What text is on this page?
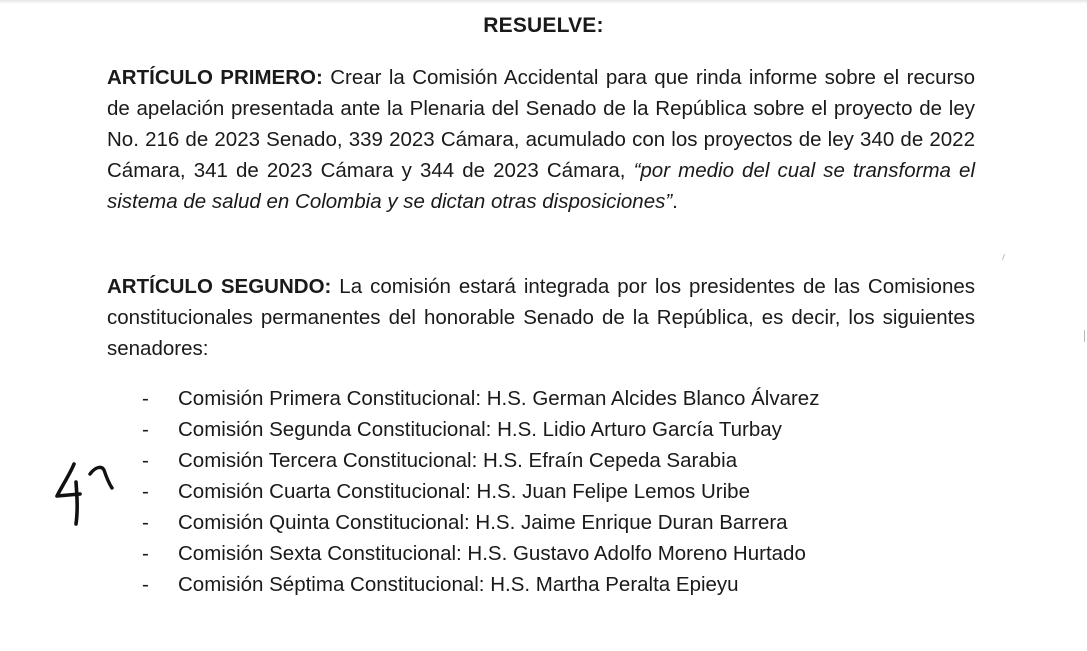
RESUELVE:

ARTÍCULO PRIMERO: Crear la Comisión Accidental para que rinda informe sobre el recurso de apelación presentada ante la Plenaria del Senado de la República sobre el proyecto de ley No. 216 de 2023 Senado, 339 2023 Cámara, acumulado con los proyectos de ley 340 de 2022 Cámara, 341 de 2023 Cámara y 344 de 2023 Cámara, “por medio del cual se transforma el sistema de salud en Colombia y se dictan otras disposiciones”.

ARTÍCULO SEGUNDO: La comisión estará integrada por los presidentes de las Comisiones constitucionales permanentes del honorable Senado de la República, es decir, los siguientes senadores:

- Comisión Primera Constitucional: H.S. German Alcides Blanco Álvarez
- Comisión Segunda Constitucional: H.S. Lidio Arturo García Turbay
- Comisión Tercera Constitucional: H.S. Efraín Cepeda Sarabia
- Comisión Cuarta Constitucional: H.S. Juan Felipe Lemos Uribe
- Comisión Quinta Constitucional: H.S. Jaime Enrique Duran Barrera
- Comisión Sexta Constitucional: H.S. Gustavo Adolfo Moreno Hurtado
- Comisión Séptima Constitucional: H.S. Martha Peralta Epieyu
